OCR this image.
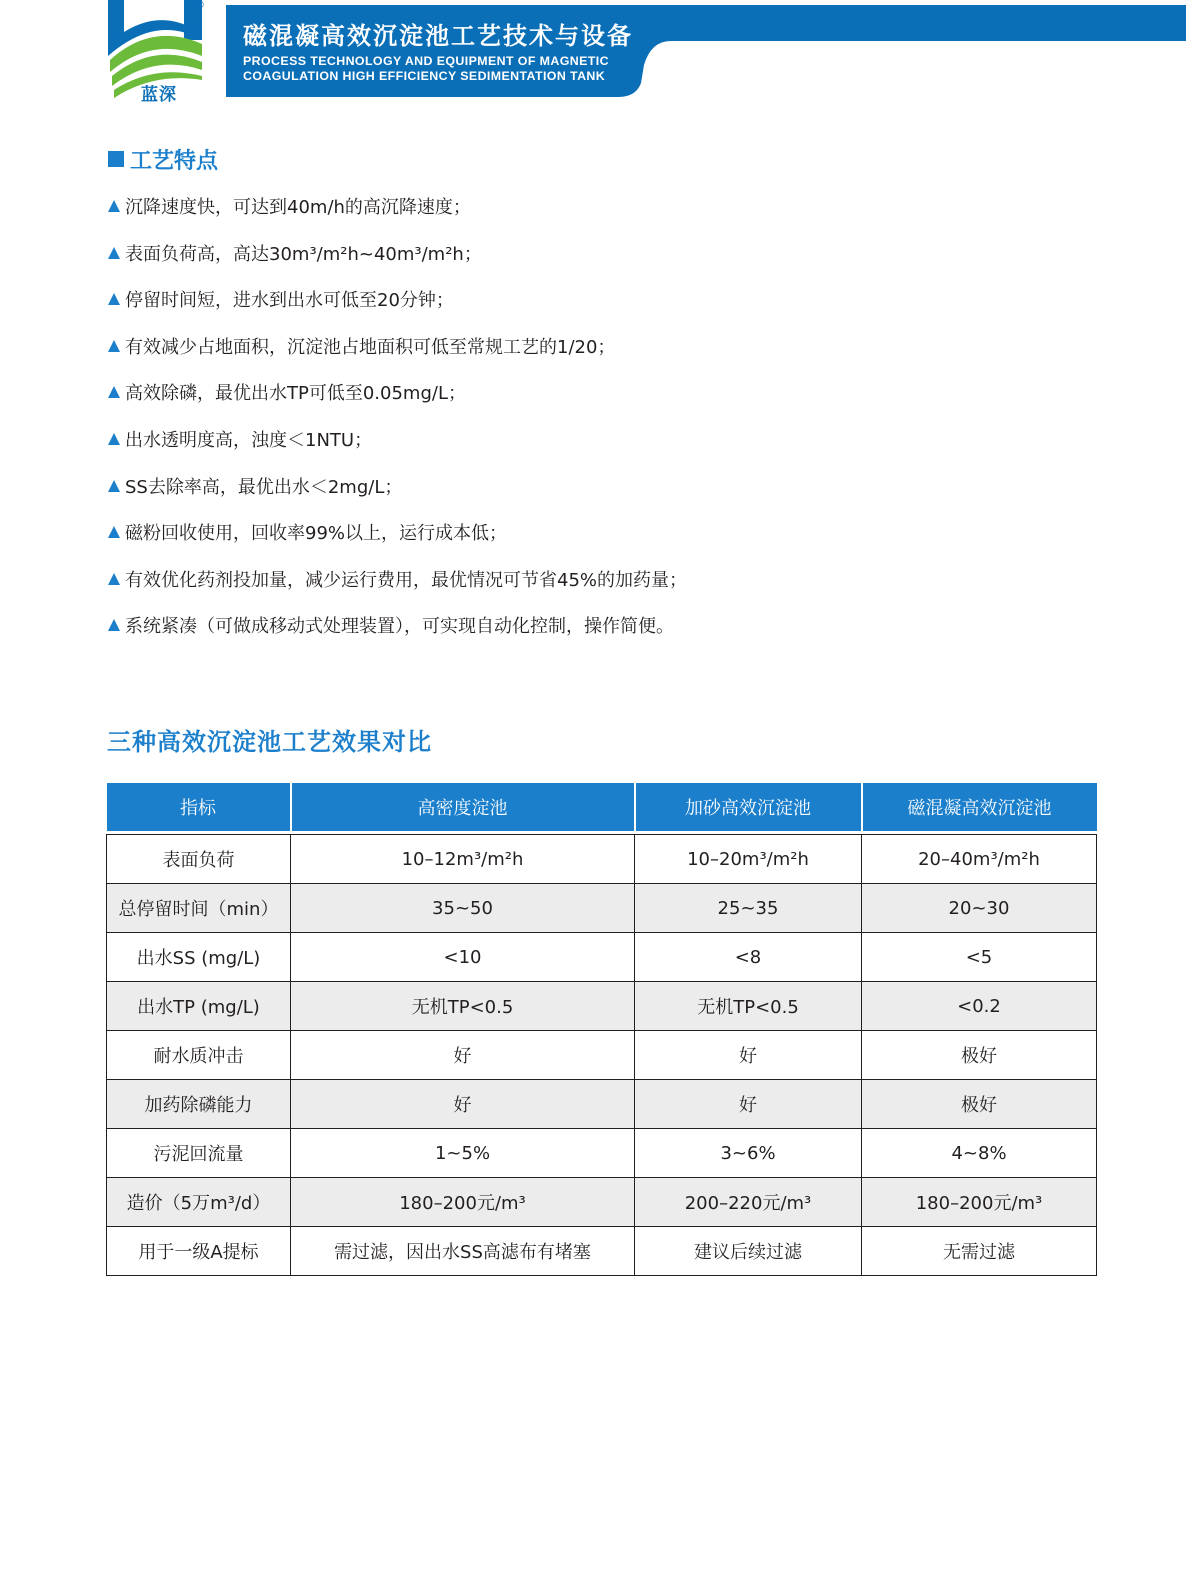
蓝深
®
磁混凝高效沉淀池工艺技术与设备
PROCESS TECHNOLOGY AND EQUIPMENT OF MAGNETIC
COAGULATION HIGH EFFICIENCY SEDIMENTATION TANK
工艺特点
沉降速度快，可达到40m/h的高沉降速度；
表面负荷高，高达30m³/m²h~40m³/m²h；
停留时间短，进水到出水可低至20分钟；
有效减少占地面积，沉淀池占地面积可低至常规工艺的1/20；
高效除磷，最优出水TP可低至0.05mg/L；
出水透明度高，浊度＜1NTU；
SS去除率高，最优出水＜2mg/L；
磁粉回收使用，回收率99%以上，运行成本低；
有效优化药剂投加量，减少运行费用，最优情况可节省45%的加药量；
系统紧凑（可做成移动式处理装置），可实现自动化控制，操作简便。
三种高效沉淀池工艺效果对比
指标	高密度淀池	加砂高效沉淀池	磁混凝高效沉淀池

表面负荷	10–12m³/m²h	10–20m³/m²h	20–40m³/m²h
总停留时间（min）	35~50	25~35	20~30
出水SS (mg/L)	<10	<8	<5
出水TP (mg/L)	无机TP<0.5	无机TP<0.5	<0.2
耐水质冲击	好	好	极好
加药除磷能力	好	好	极好
污泥回流量	1~5%	3~6%	4~8%
造价（5万m³/d）	180–200元/m³	200–220元/m³	180–200元/m³
用于一级A提标	需过滤，因出水SS高滤布有堵塞	建议后续过滤	无需过滤
